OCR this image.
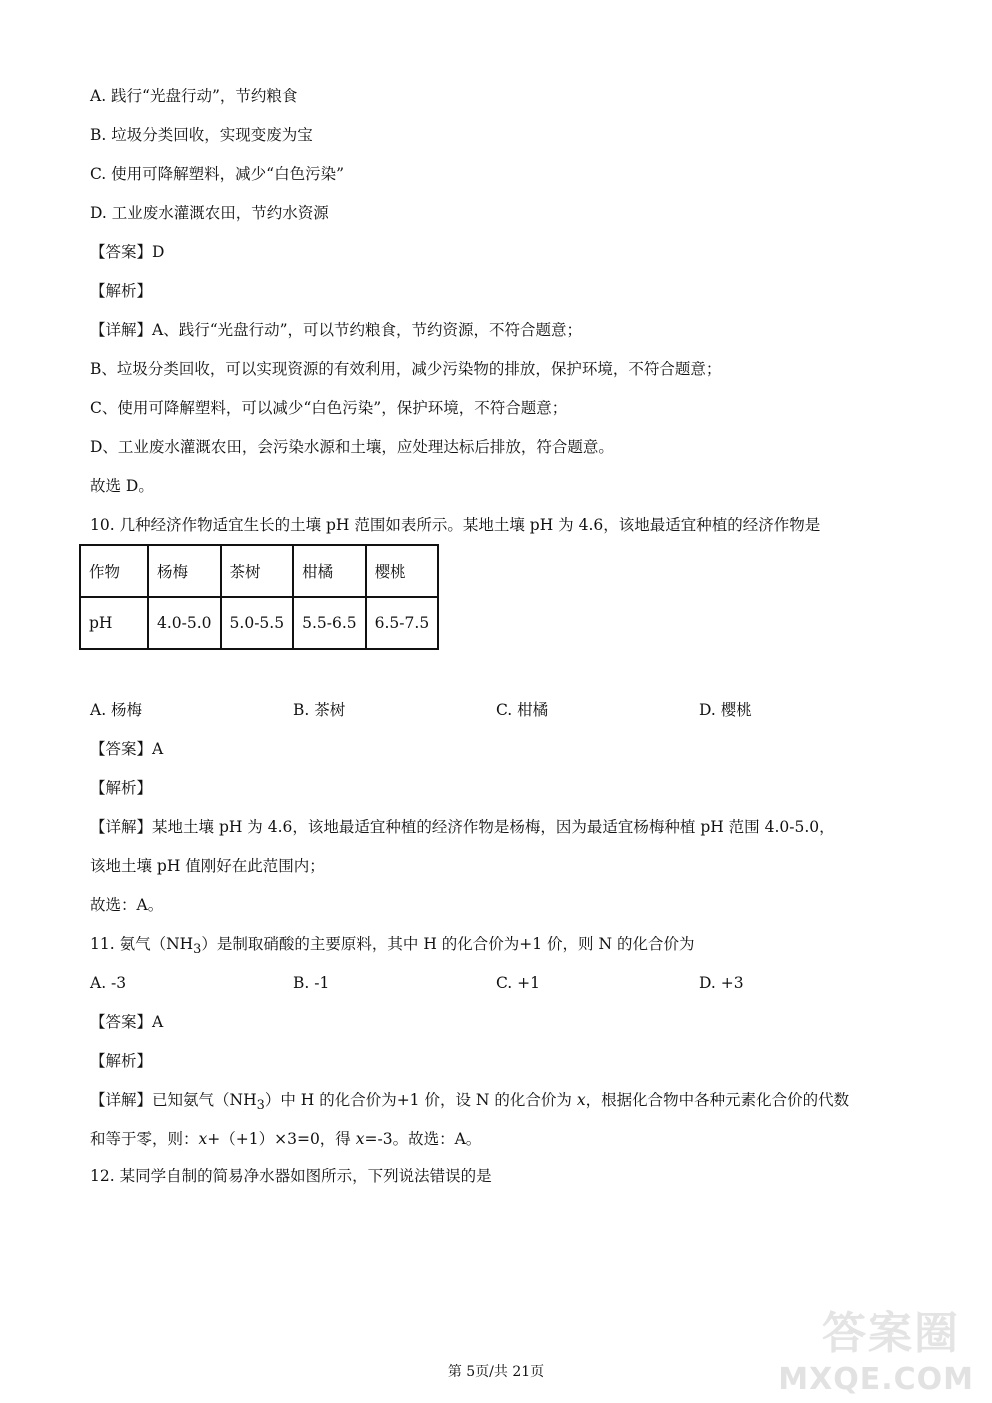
A. 践行“光盘行动”，节约粮食
B. 垃圾分类回收，实现变废为宝
C. 使用可降解塑料，减少“白色污染”
D. 工业废水灌溉农田，节约水资源
【答案】D
【解析】
【详解】A、践行“光盘行动”，可以节约粮食，节约资源，不符合题意；
B、垃圾分类回收，可以实现资源的有效利用，减少污染物的排放，保护环境，不符合题意；
C、使用可降解塑料，可以减少“白色污染”，保护环境，不符合题意；
D、工业废水灌溉农田，会污染水源和土壤，应处理达标后排放，符合题意。
故选 D。
10. 几种经济作物适宜生长的土壤 pH 范围如表所示。某地土壤 pH 为 4.6，该地最适宜种植的经济作物是
作物	杨梅	茶树	柑橘	樱桃
pH	4.0-5.0	5.0-5.5	5.5-6.5	6.5-7.5
A. 杨梅	B. 茶树	C. 柑橘	D. 樱桃
【答案】A
【解析】
【详解】某地土壤 pH 为 4.6，该地最适宜种植的经济作物是杨梅，因为最适宜杨梅种植 pH 范围 4.0-5.0，
该地土壤 pH 值刚好在此范围内；
故选：A。
11. 氨气$(NH_3)$是制取硝酸的主要原料，其中 H 的化合价为+1 价，则 N 的化合价为
A. -3	B. -1	C. +1	D. +3
【答案】A
【解析】
【详解】已知氨气$(NH_3)$中 H 的化合价为+1 价，设 N 的化合价为 x，根据化合物中各种元素化合价的代数
和等于零，则：x+（+1）×3=0，得 x=-3。故选：A。
12. 某同学自制的简易净水器如图所示，下列说法错误的是
第 5页/共 21页
答案圈
MXQE.COM
